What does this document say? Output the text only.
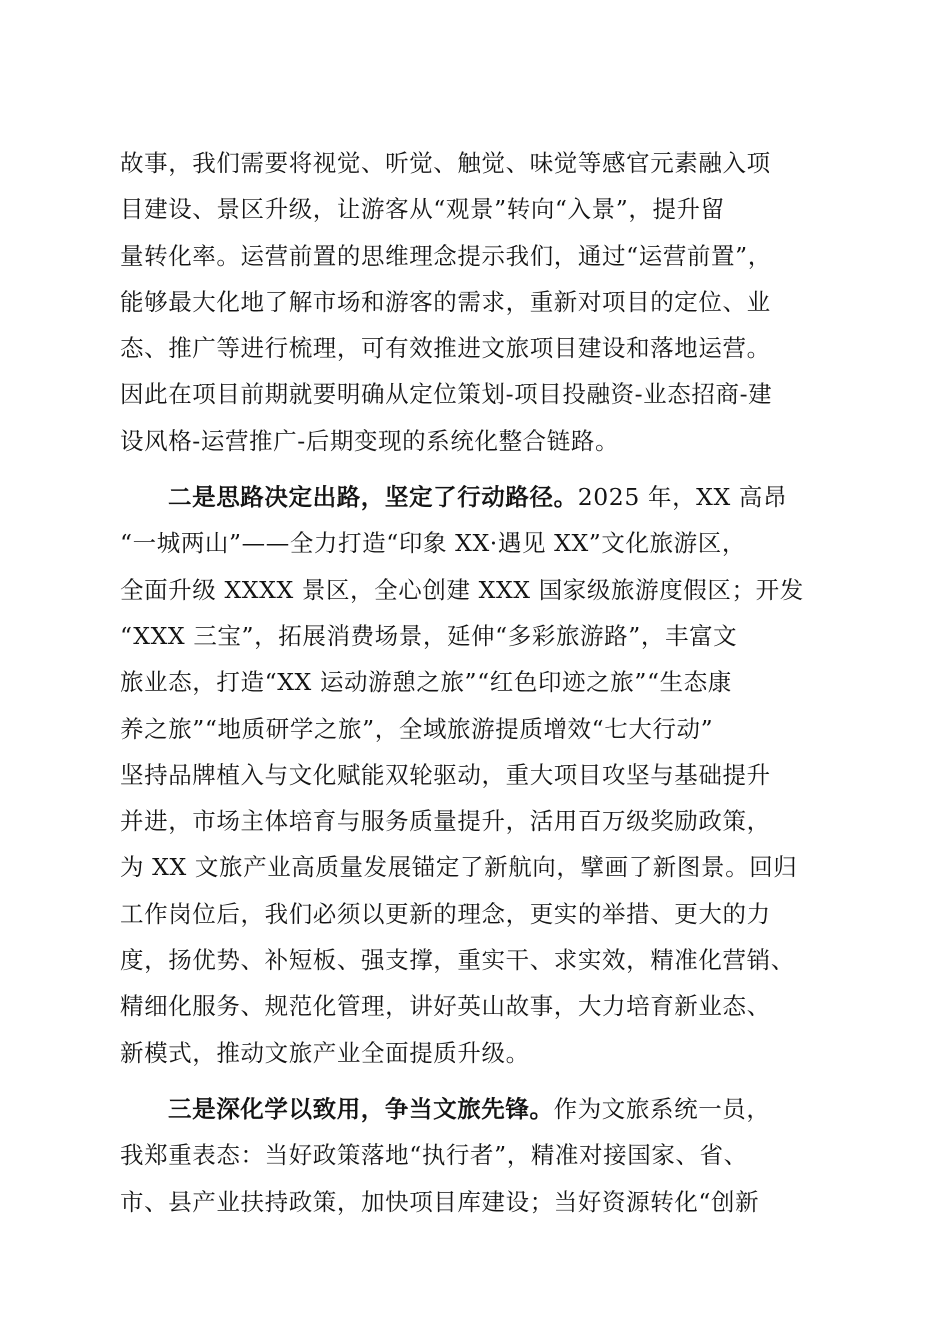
故事，我们需要将视觉、听觉、触觉、味觉等感官元素融入项
目建设、景区升级，让游客从“观景”转向“入景”，提升留
量转化率。运营前置的思维理念提示我们，通过“运营前置”，
能够最大化地了解市场和游客的需求，重新对项目的定位、业
态、推广等进行梳理，可有效推进文旅项目建设和落地运营。
因此在项目前期就要明确从定位策划-项目投融资-业态招商-建
设风格-运营推广-后期变现的系统化整合链路。
二是思路决定出路，坚定了行动路径。2025 年，XX 高昂
“一城两山”——全力打造“印象 XX·遇见 XX”文化旅游区，
全面升级 XXXX 景区，全心创建 XXX 国家级旅游度假区；开发
“XXX 三宝”，拓展消费场景，延伸“多彩旅游路”，丰富文
旅业态，打造“XX 运动游憩之旅”“红色印迹之旅”“生态康
养之旅”“地质研学之旅”，全域旅游提质增效“七大行动”
坚持品牌植入与文化赋能双轮驱动，重大项目攻坚与基础提升
并进，市场主体培育与服务质量提升，活用百万级奖励政策，
为 XX 文旅产业高质量发展锚定了新航向，擘画了新图景。回归
工作岗位后，我们必须以更新的理念，更实的举措、更大的力
度，扬优势、补短板、强支撑，重实干、求实效，精准化营销、
精细化服务、规范化管理，讲好英山故事，大力培育新业态、
新模式，推动文旅产业全面提质升级。
三是深化学以致用，争当文旅先锋。作为文旅系统一员，
我郑重表态：当好政策落地“执行者”，精准对接国家、省、
市、县产业扶持政策，加快项目库建设；当好资源转化“创新
